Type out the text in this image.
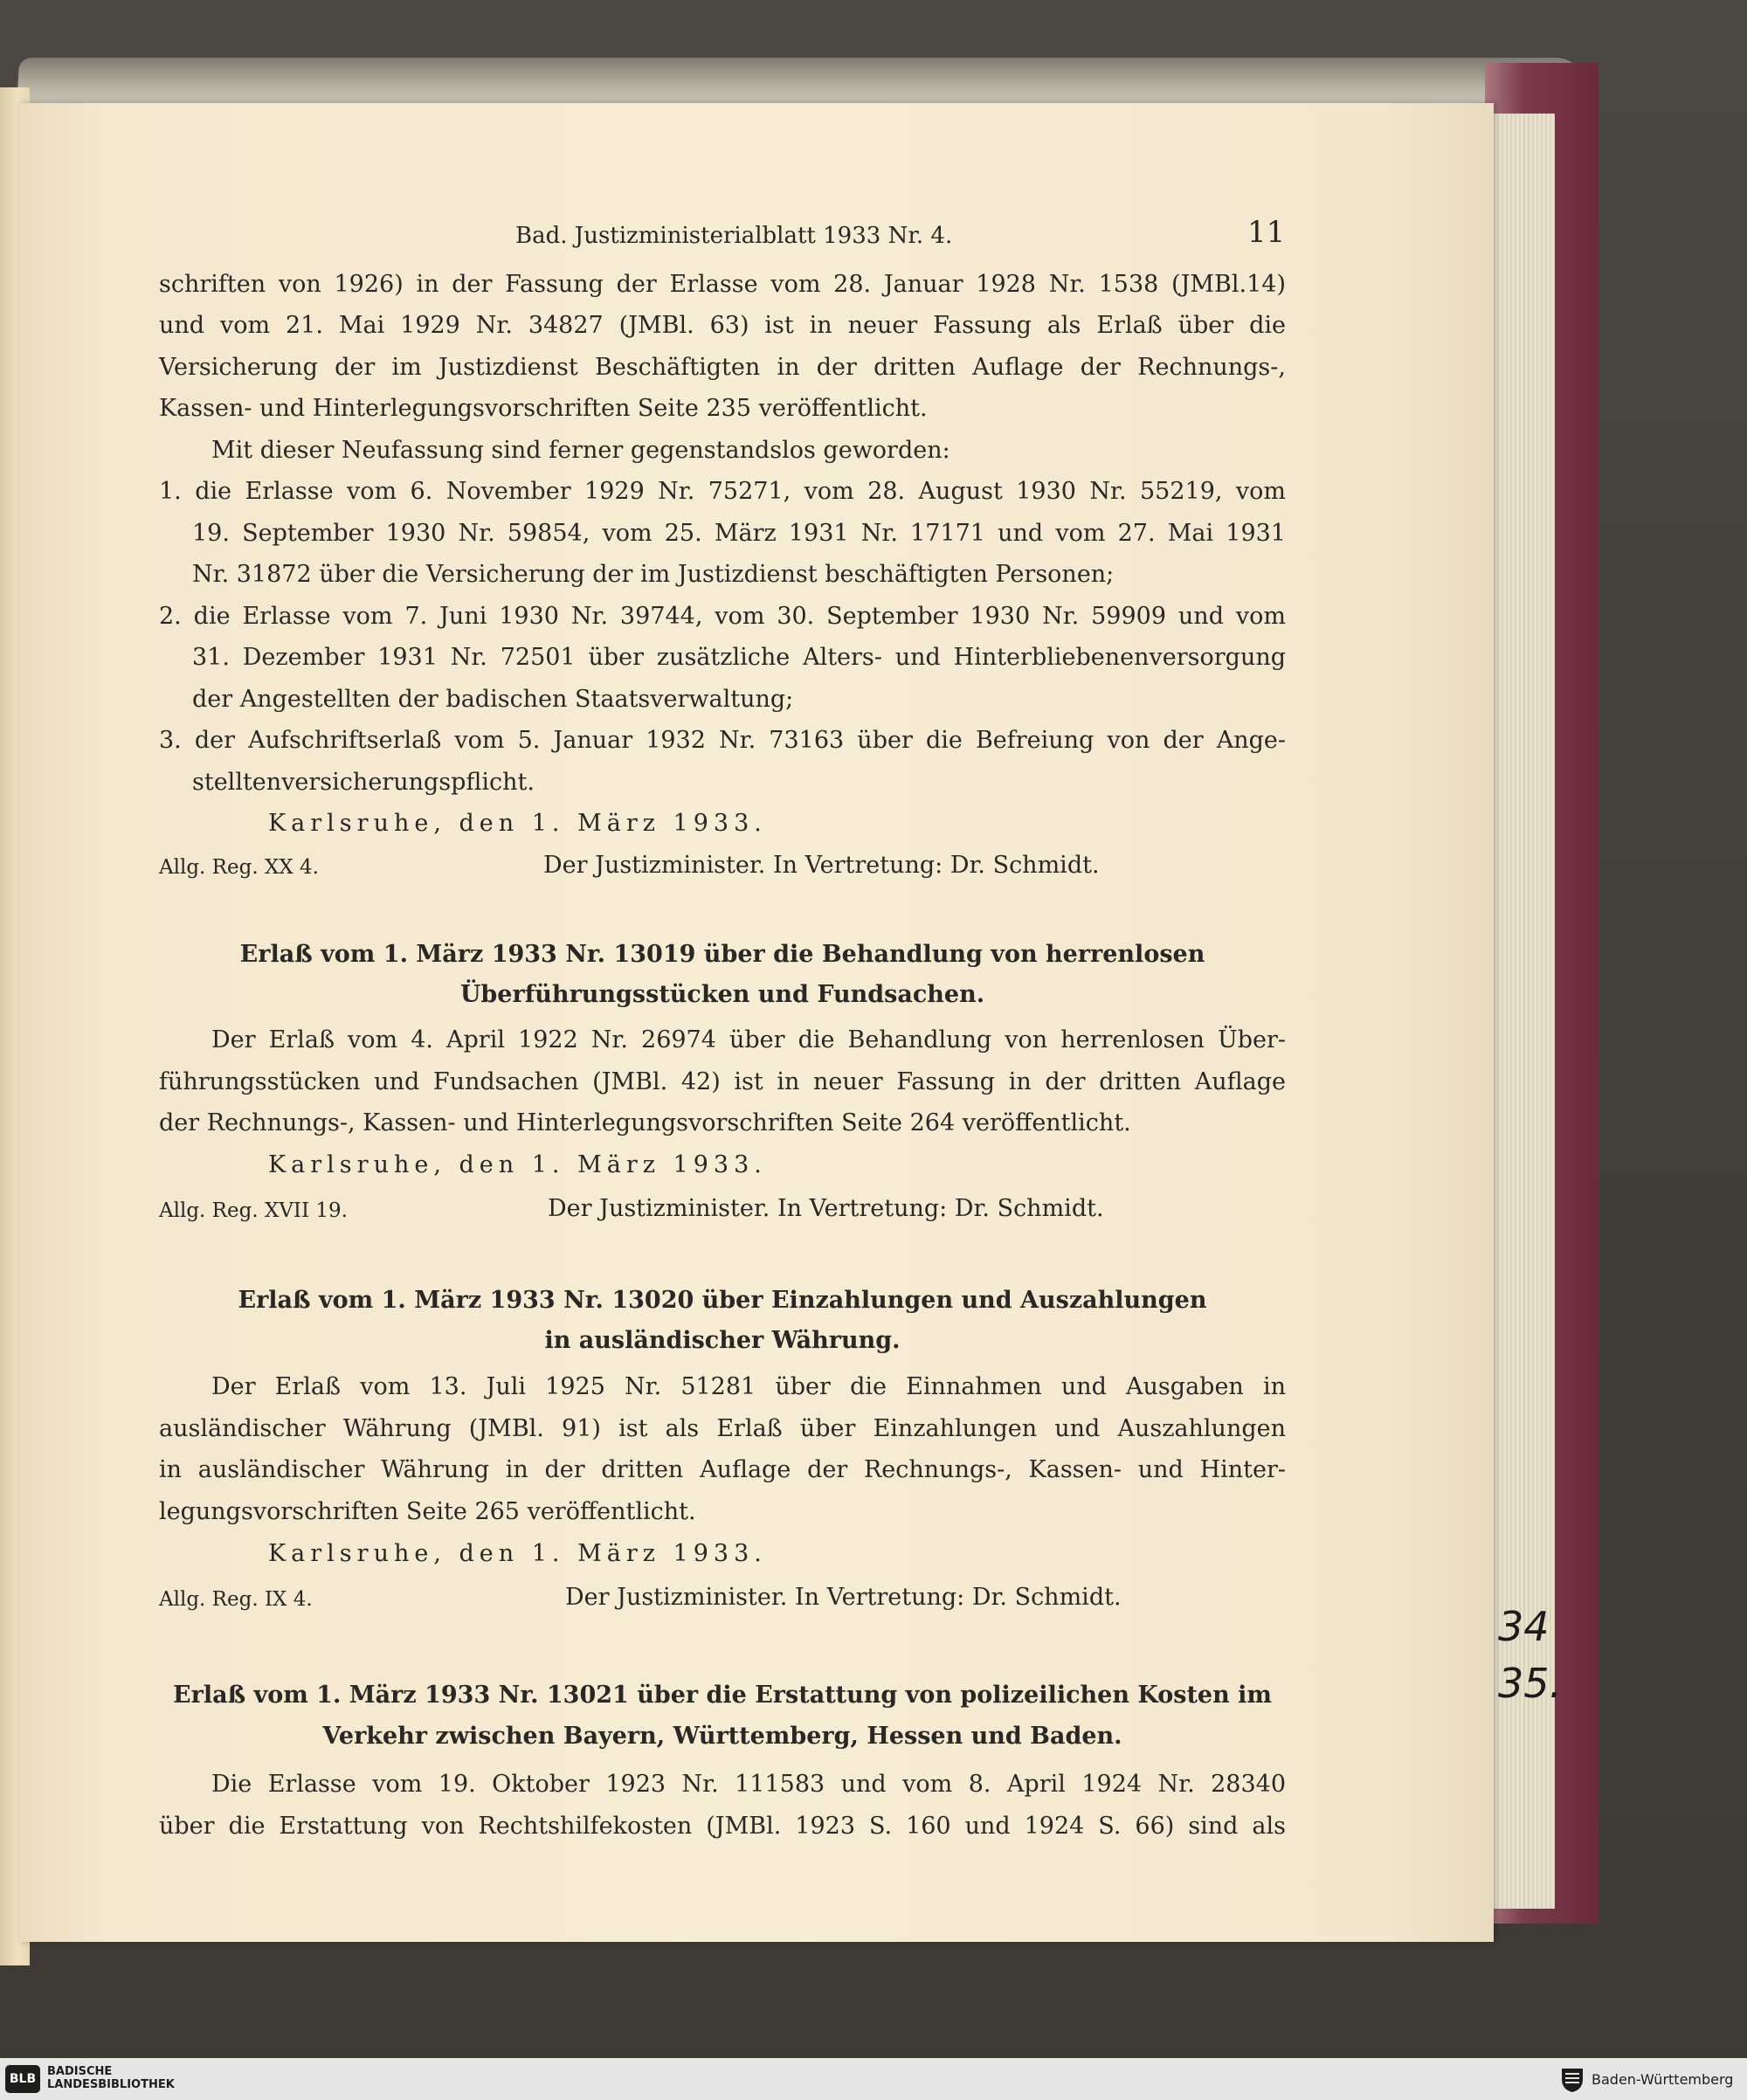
Bad. Justizministerialblatt 1933 Nr. 4.	11
34
35.
schriften von 1926) in der Fassung der Erlasse vom 28. Januar 1928 Nr. 1538 (JMBl.14)
und vom 21. Mai 1929 Nr. 34827 (JMBl. 63) ist in neuer Fassung als Erlaß über die
Versicherung der im Justizdienst Beschäftigten in der dritten Auflage der Rechnungs-,
Kassen- und Hinterlegungsvorschriften Seite 235 veröffentlicht.
Mit dieser Neufassung sind ferner gegenstandslos geworden:
1. die Erlasse vom 6. November 1929 Nr. 75271, vom 28. August 1930 Nr. 55219, vom
19. September 1930 Nr. 59854, vom 25. März 1931 Nr. 17171 und vom 27. Mai 1931
Nr. 31872 über die Versicherung der im Justizdienst beschäftigten Personen;
2. die Erlasse vom 7. Juni 1930 Nr. 39744, vom 30. September 1930 Nr. 59909 und vom
31. Dezember 1931 Nr. 72501 über zusätzliche Alters- und Hinterbliebenenversorgung
der Angestellten der badischen Staatsverwaltung;
3. der Aufschriftserlaß vom 5. Januar 1932 Nr. 73163 über die Befreiung von der Ange-
stelltenversicherungspflicht.
Karlsruhe, den 1. März 1933.
Allg. Reg. XX 4.	Der Justizminister. In Vertretung: Dr. Schmidt.
Erlaß vom 1. März 1933 Nr. 13019 über die Behandlung von herrenlosen
Überführungsstücken und Fundsachen.
Der Erlaß vom 4. April 1922 Nr. 26974 über die Behandlung von herrenlosen Über-
führungsstücken und Fundsachen (JMBl. 42) ist in neuer Fassung in der dritten Auflage
der Rechnungs-, Kassen- und Hinterlegungsvorschriften Seite 264 veröffentlicht.
Karlsruhe, den 1. März 1933.
Allg. Reg. XVII 19.	Der Justizminister. In Vertretung: Dr. Schmidt.
Erlaß vom 1. März 1933 Nr. 13020 über Einzahlungen und Auszahlungen
in ausländischer Währung.
Der Erlaß vom 13. Juli 1925 Nr. 51281 über die Einnahmen und Ausgaben in
ausländischer Währung (JMBl. 91) ist als Erlaß über Einzahlungen und Auszahlungen
in ausländischer Währung in der dritten Auflage der Rechnungs-, Kassen- und Hinter-
legungsvorschriften Seite 265 veröffentlicht.
Karlsruhe, den 1. März 1933.
Allg. Reg. IX 4.	Der Justizminister. In Vertretung: Dr. Schmidt.
Erlaß vom 1. März 1933 Nr. 13021 über die Erstattung von polizeilichen Kosten im
Verkehr zwischen Bayern, Württemberg, Hessen und Baden.
Die Erlasse vom 19. Oktober 1923 Nr. 111583 und vom 8. April 1924 Nr. 28340
über die Erstattung von Rechtshilfekosten (JMBl. 1923 S. 160 und 1924 S. 66) sind als
BLB
BADISCHE
LANDESBIBLIOTHEK	Baden-Württemberg
